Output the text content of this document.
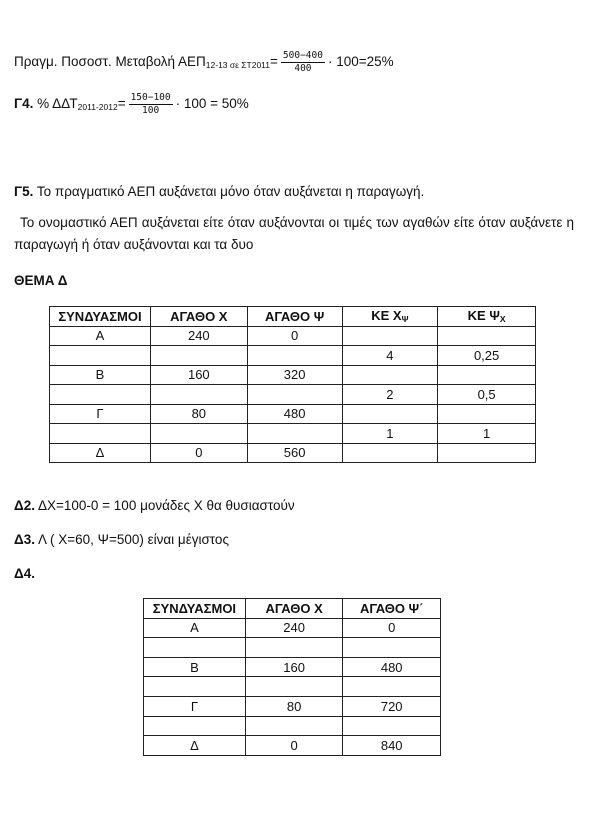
Πραγμ. Ποσοστ. Μεταβολή $AE\Pi_{12-13 \sigma\varepsilon \Sigma T2011}= \frac{500-400}{400} \cdot 100=25\%$
Γ4. % $\Delta\Delta T_{2011-2012}= \frac{150-100}{100} \cdot 100 = 50\%$
Γ5. Το πραγματικό ΑΕΠ αυξάνεται μόνο όταν αυξάνεται η παραγωγή.
Το ονομαστικό ΑΕΠ αυξάνεται είτε όταν αυξάνονται οι τιμές των αγαθών είτε όταν αυξάνετε η παραγωγή ή όταν αυξάνονται και τα δυο
ΘΕΜΑ Δ
ΣΥΝΔΥΑΣΜΟΙ	ΑΓΑΘΟ Χ	ΑΓΑΘΟ Ψ	ΚΕ ΧΨ	ΚΕ ΨΧ
Α	240	0		
			4	0,25
Β	160	320		
			2	0,5
Γ	80	480		
			1	1
Δ	0	560		
Δ2. ΔΧ=100-0 = 100 μονάδες Χ θα θυσιαστούν
Δ3. Λ ( Χ=60, Ψ=500) είναι μέγιστος
Δ4.
ΣΥΝΔΥΑΣΜΟΙ	ΑΓΑΘΟ Χ	ΑΓΑΘΟ Ψ΄
Α	240	0

Β	160	480

Γ	80	720

Δ	0	840
